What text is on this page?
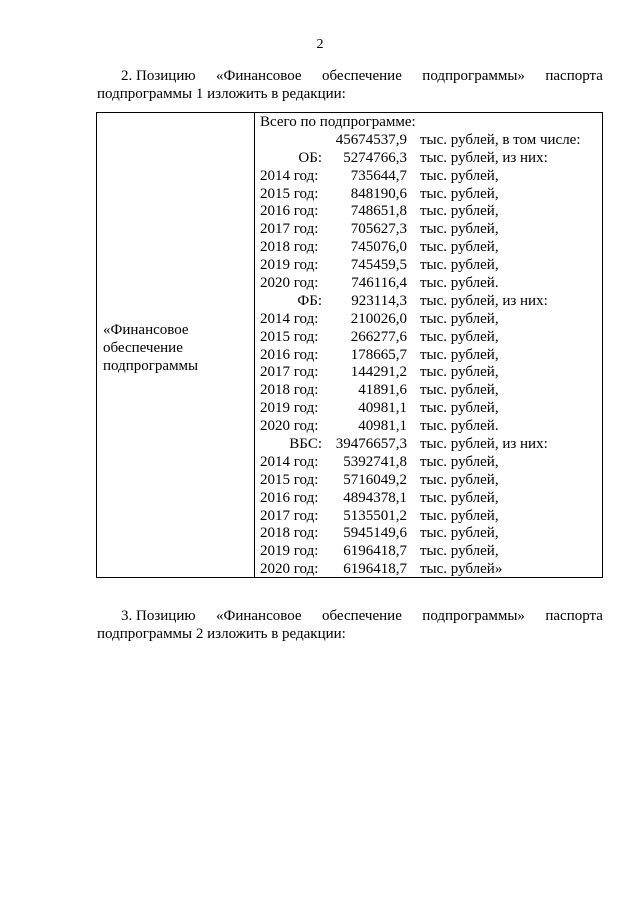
2
2. Позицию «Финансовое обеспечение подпрограммы» паспорта
подпрограммы 1 изложить в редакции:
«Финансовое обеспечение подпрограммы
Всего по подпрограмме:
45674537,9 тыс. рублей, в том числе:
ОБ: 5274766,3 тыс. рублей, из них:
2014 год: 735644,7 тыс. рублей,
2015 год: 848190,6 тыс. рублей,
2016 год: 748651,8 тыс. рублей,
2017 год: 705627,3 тыс. рублей,
2018 год: 745076,0 тыс. рублей,
2019 год: 745459,5 тыс. рублей,
2020 год: 746116,4 тыс. рублей.
ФБ: 923114,3 тыс. рублей, из них:
2014 год: 210026,0 тыс. рублей,
2015 год: 266277,6 тыс. рублей,
2016 год: 178665,7 тыс. рублей,
2017 год: 144291,2 тыс. рублей,
2018 год:	41891,6 тыс. рублей,
2019 год:	40981,1 тыс. рублей,
2020 год:	40981,1 тыс. рублей.
ВБС: 39476657,3 тыс. рублей, из них:
2014 год: 5392741,8 тыс. рублей,
2015 год: 5716049,2 тыс. рублей,
2016 год: 4894378,1 тыс. рублей,
2017 год: 5135501,2 тыс. рублей,
2018 год: 5945149,6 тыс. рублей,
2019 год: 6196418,7 тыс. рублей,
2020 год: 6196418,7 тыс. рублей»
3. Позицию «Финансовое обеспечение подпрограммы» паспорта
подпрограммы 2 изложить в редакции:
